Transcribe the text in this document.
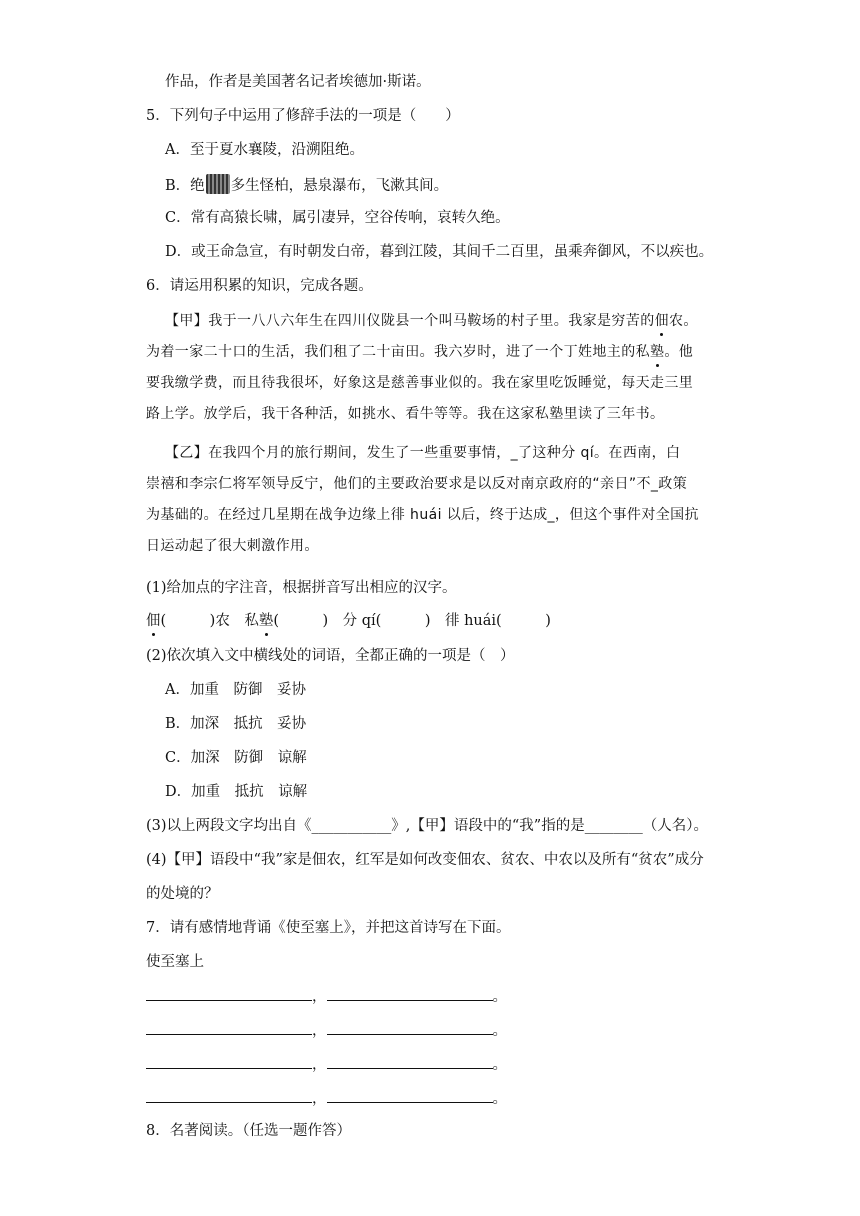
作品，作者是美国著名记者埃德加·斯诺。
5．下列句子中运用了修辞手法的一项是（　　）
A．至于夏水襄陵，沿溯阻绝。
B．绝 多生怪柏，悬泉瀑布，飞漱其间。
C．常有高猿长啸，属引凄异，空谷传响，哀转久绝。
D．或王命急宣，有时朝发白帝，暮到江陵，其间千二百里，虽乘奔御风，不以疾也。
6．请运用积累的知识，完成各题。
【甲】我于一八八六年生在四川仪陇县一个叫马鞍场的村子里。我家是穷苦的佃农。
为着一家二十口的生活，我们租了二十亩田。我六岁时，进了一个丁姓地主的私塾。他
要我缴学费，而且待我很坏，好象这是慈善事业似的。我在家里吃饭睡觉，每天走三里
路上学。放学后，我干各种活，如挑水、看牛等等。我在这家私塾里读了三年书。
【乙】在我四个月的旅行期间，发生了一些重要事情，_了这种分 qí。在西南，白
崇禧和李宗仁将军领导反宁，他们的主要政治要求是以反对南京政府的“亲日”不_政策
为基础的。在经过几星期在战争边缘上徘 huái 以后，终于达成_，但这个事件对全国抗
日运动起了很大刺激作用。
(1)给加点的字注音，根据拼音写出相应的汉字。
佃(　　　)农　私塾(　　　)　分 qí(　　　)　徘 huái(　　　)
(2)依次填入文中横线处的词语，全都正确的一项是（　）
A．加重　防御　妥协
B．加深　抵抗　妥协
C．加深　防御　谅解
D．加重　抵抗　谅解
(3)以上两段文字均出自《___________》,【甲】语段中的“我”指的是________（人名）。
(4)【甲】语段中“我”家是佃农，红军是如何改变佃农、贫农、中农以及所有“贫农”成分
的处境的？
7．请有感情地背诵《使至塞上》，并把这首诗写在下面。
使至塞上
，	。
，	。
，	。
，	。
8．名著阅读。（任选一题作答）
